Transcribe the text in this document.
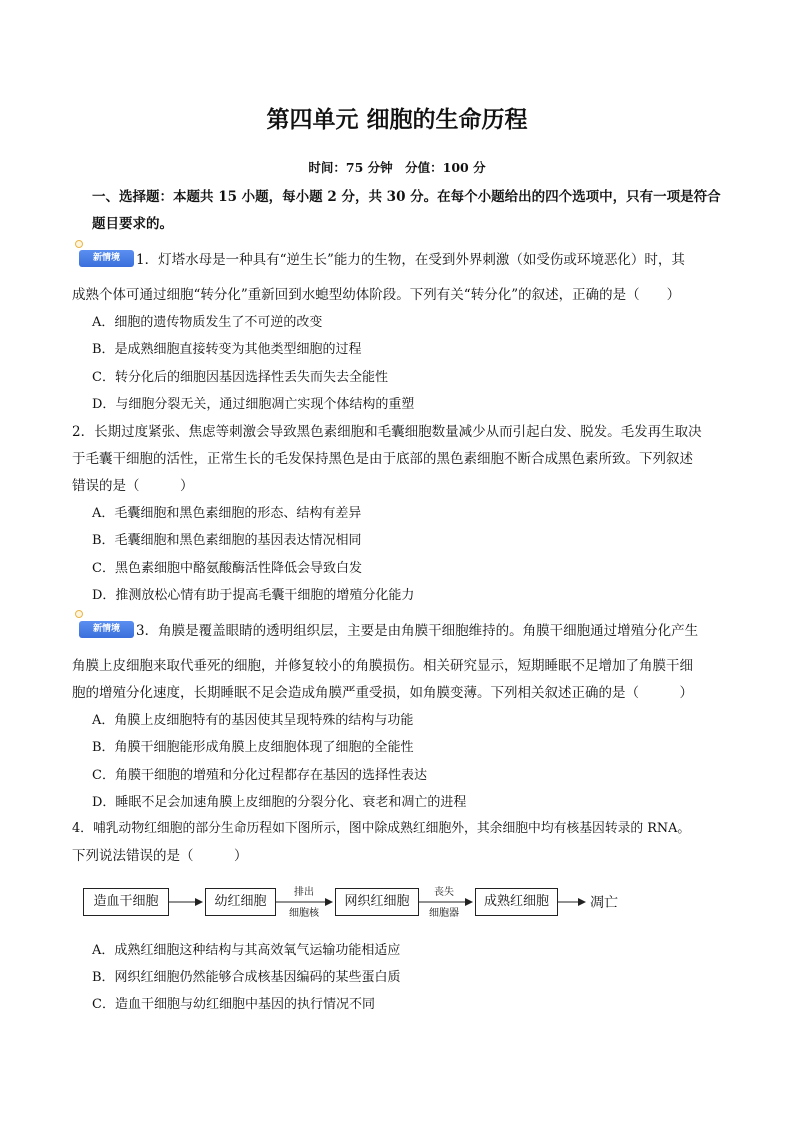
第四单元 细胞的生命历程
时间：75 分钟　分值：100 分
一、选择题：本题共 15 小题，每小题 2 分，共 30 分。在每个小题给出的四个选项中，只有一项是符合
题目要求的。
新情境	1．灯塔水母是一种具有“逆生长”能力的生物，在受到外界刺激（如受伤或环境恶化）时，其
成熟个体可通过细胞“转分化”重新回到水螅型幼体阶段。下列有关“转分化”的叙述，正确的是（　　）
A．细胞的遗传物质发生了不可逆的改变
B．是成熟细胞直接转变为其他类型细胞的过程
C．转分化后的细胞因基因选择性丢失而失去全能性
D．与细胞分裂无关，通过细胞凋亡实现个体结构的重塑
2．长期过度紧张、焦虑等刺激会导致黑色素细胞和毛囊细胞数量减少从而引起白发、脱发。毛发再生取决
于毛囊干细胞的活性，正常生长的毛发保持黑色是由于底部的黑色素细胞不断合成黑色素所致。下列叙述
错误的是（　　　）
A．毛囊细胞和黑色素细胞的形态、结构有差异
B．毛囊细胞和黑色素细胞的基因表达情况相同
C．黑色素细胞中酪氨酸酶活性降低会导致白发
D．推测放松心情有助于提高毛囊干细胞的增殖分化能力
新情境	3．角膜是覆盖眼睛的透明组织层，主要是由角膜干细胞维持的。角膜干细胞通过增殖分化产生
角膜上皮细胞来取代垂死的细胞，并修复较小的角膜损伤。相关研究显示，短期睡眠不足增加了角膜干细
胞的增殖分化速度，长期睡眠不足会造成角膜严重受损，如角膜变薄。下列相关叙述正确的是（　　　）
A．角膜上皮细胞特有的基因使其呈现特殊的结构与功能
B．角膜干细胞能形成角膜上皮细胞体现了细胞的全能性
C．角膜干细胞的增殖和分化过程都存在基因的选择性表达
D．睡眠不足会加速角膜上皮细胞的分裂分化、衰老和凋亡的进程
4．哺乳动物红细胞的部分生命历程如下图所示，图中除成熟红细胞外，其余细胞中均有核基因转录的 RNA。
下列说法错误的是（　　　）
造血干细胞	幼红细胞
排出
细胞核
网织红细胞
丧失
细胞器
成熟红细胞	凋亡
A．成熟红细胞这种结构与其高效氧气运输功能相适应
B．网织红细胞仍然能够合成核基因编码的某些蛋白质
C．造血干细胞与幼红细胞中基因的执行情况不同
